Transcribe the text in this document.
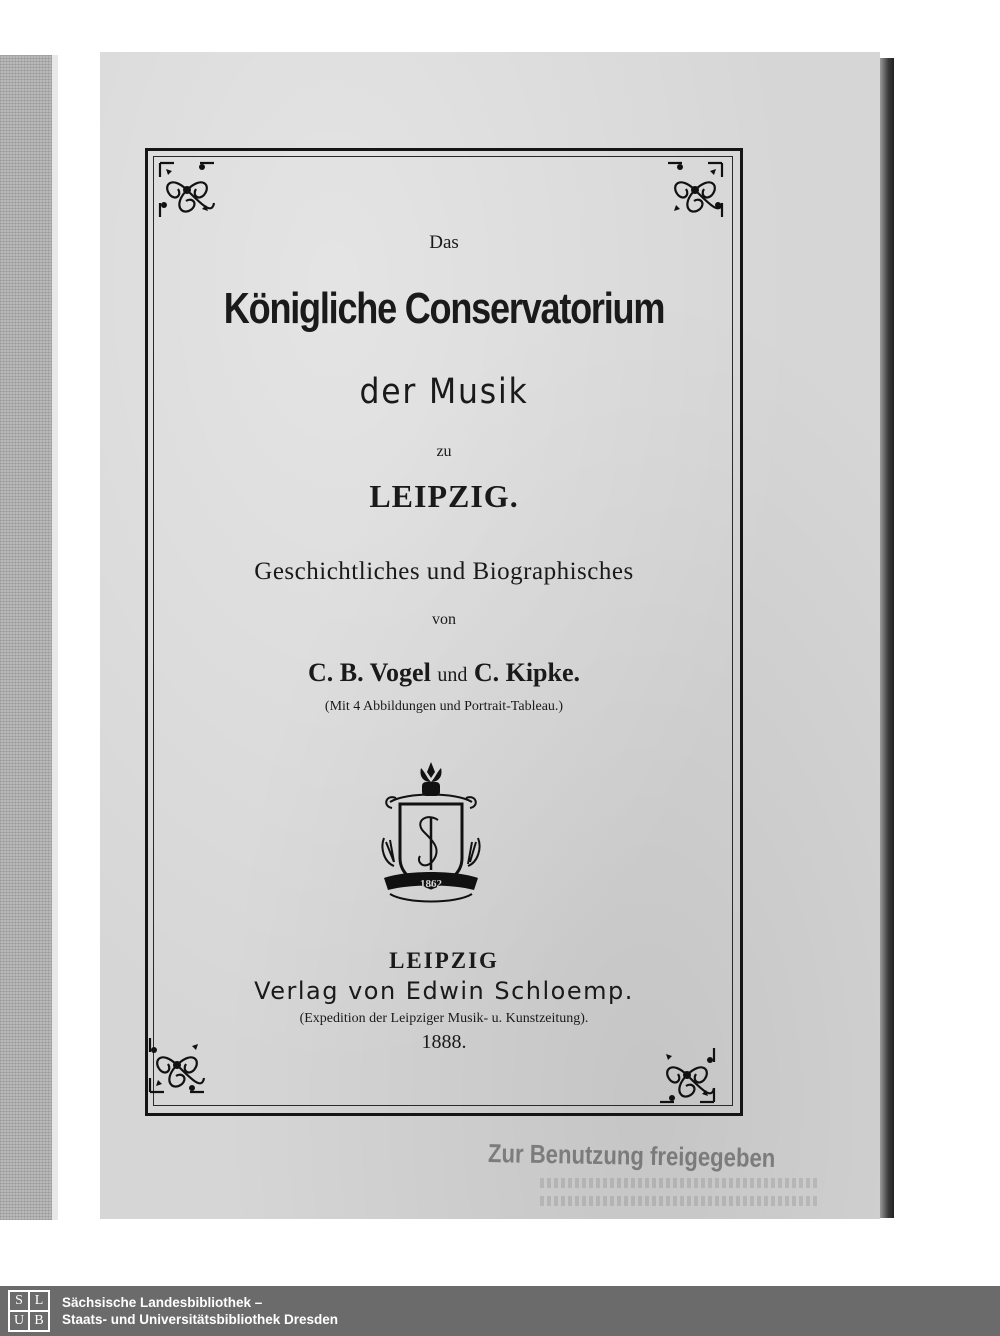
Das
Königliche Conservatorium
der Musik
zu
LEIPZIG.
Geschichtliches und Biographisches
von
C. B. Vogel und C. Kipke.
(Mit 4 Abbildungen und Portrait-Tableau.)
1862
LEIPZIG
Verlag von Edwin Schloemp.
(Expedition der Leipziger Musik- u. Kunstzeitung).
1888.
Zur Benutzung freigegeben
S L
U B
Sächsische Landesbibliothek –
Staats- und Universitätsbibliothek Dresden
